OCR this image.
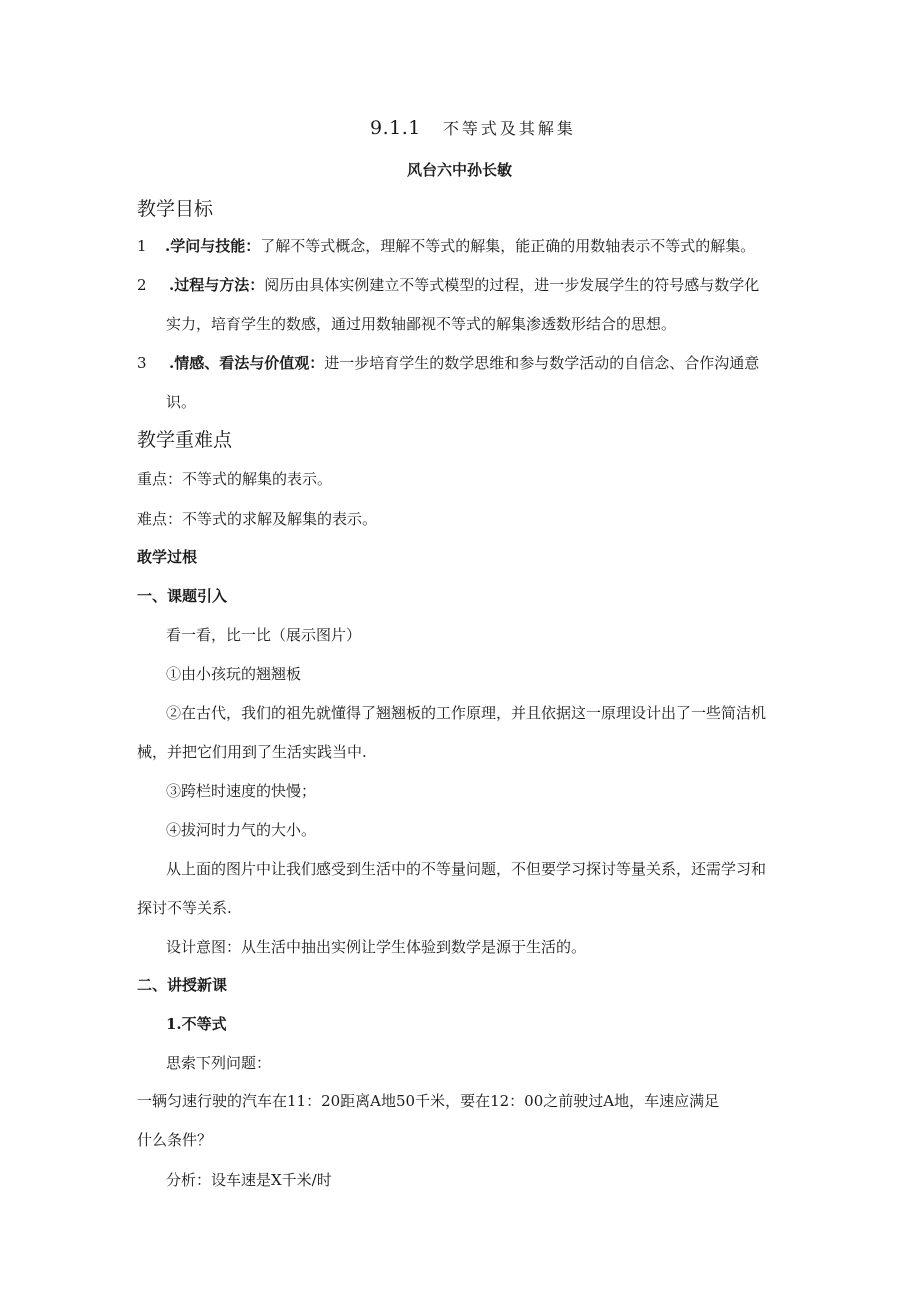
9.1.1 不等式及其解集
风台六中孙长敏
教学目标
1 .学问与技能：了解不等式概念，理解不等式的解集，能正确的用数轴表示不等式的解集。
2 .过程与方法：阅历由具体实例建立不等式模型的过程，进一步发展学生的符号感与数学化
实力，培育学生的数感，通过用数轴鄙视不等式的解集渗透数形结合的思想。
3 .情感、看法与价值观：进一步培育学生的数学思维和参与数学活动的自信念、合作沟通意
识。
教学重难点
重点：不等式的解集的表示。
难点：不等式的求解及解集的表示。
敢学过根
一、课题引入
看一看，比一比（展示图片）
①由小孩玩的翘翘板
②在古代，我们的祖先就懂得了翘翘板的工作原理，并且依据这一原理设计出了一些简洁机
械，并把它们用到了生活实践当中.
③跨栏时速度的快慢；
④拔河时力气的大小。
从上面的图片中让我们感受到生活中的不等量问题，不但要学习探讨等量关系，还需学习和
探讨不等关系.
设计意图：从生活中抽出实例让学生体验到数学是源于生活的。
二、讲授新课
1.不等式
思索下列问题：
一辆匀速行驶的汽车在11：20距离A地50千米，要在12：00之前驶过A地，车速应满足
什么条件？
分析：设车速是X千米/时
